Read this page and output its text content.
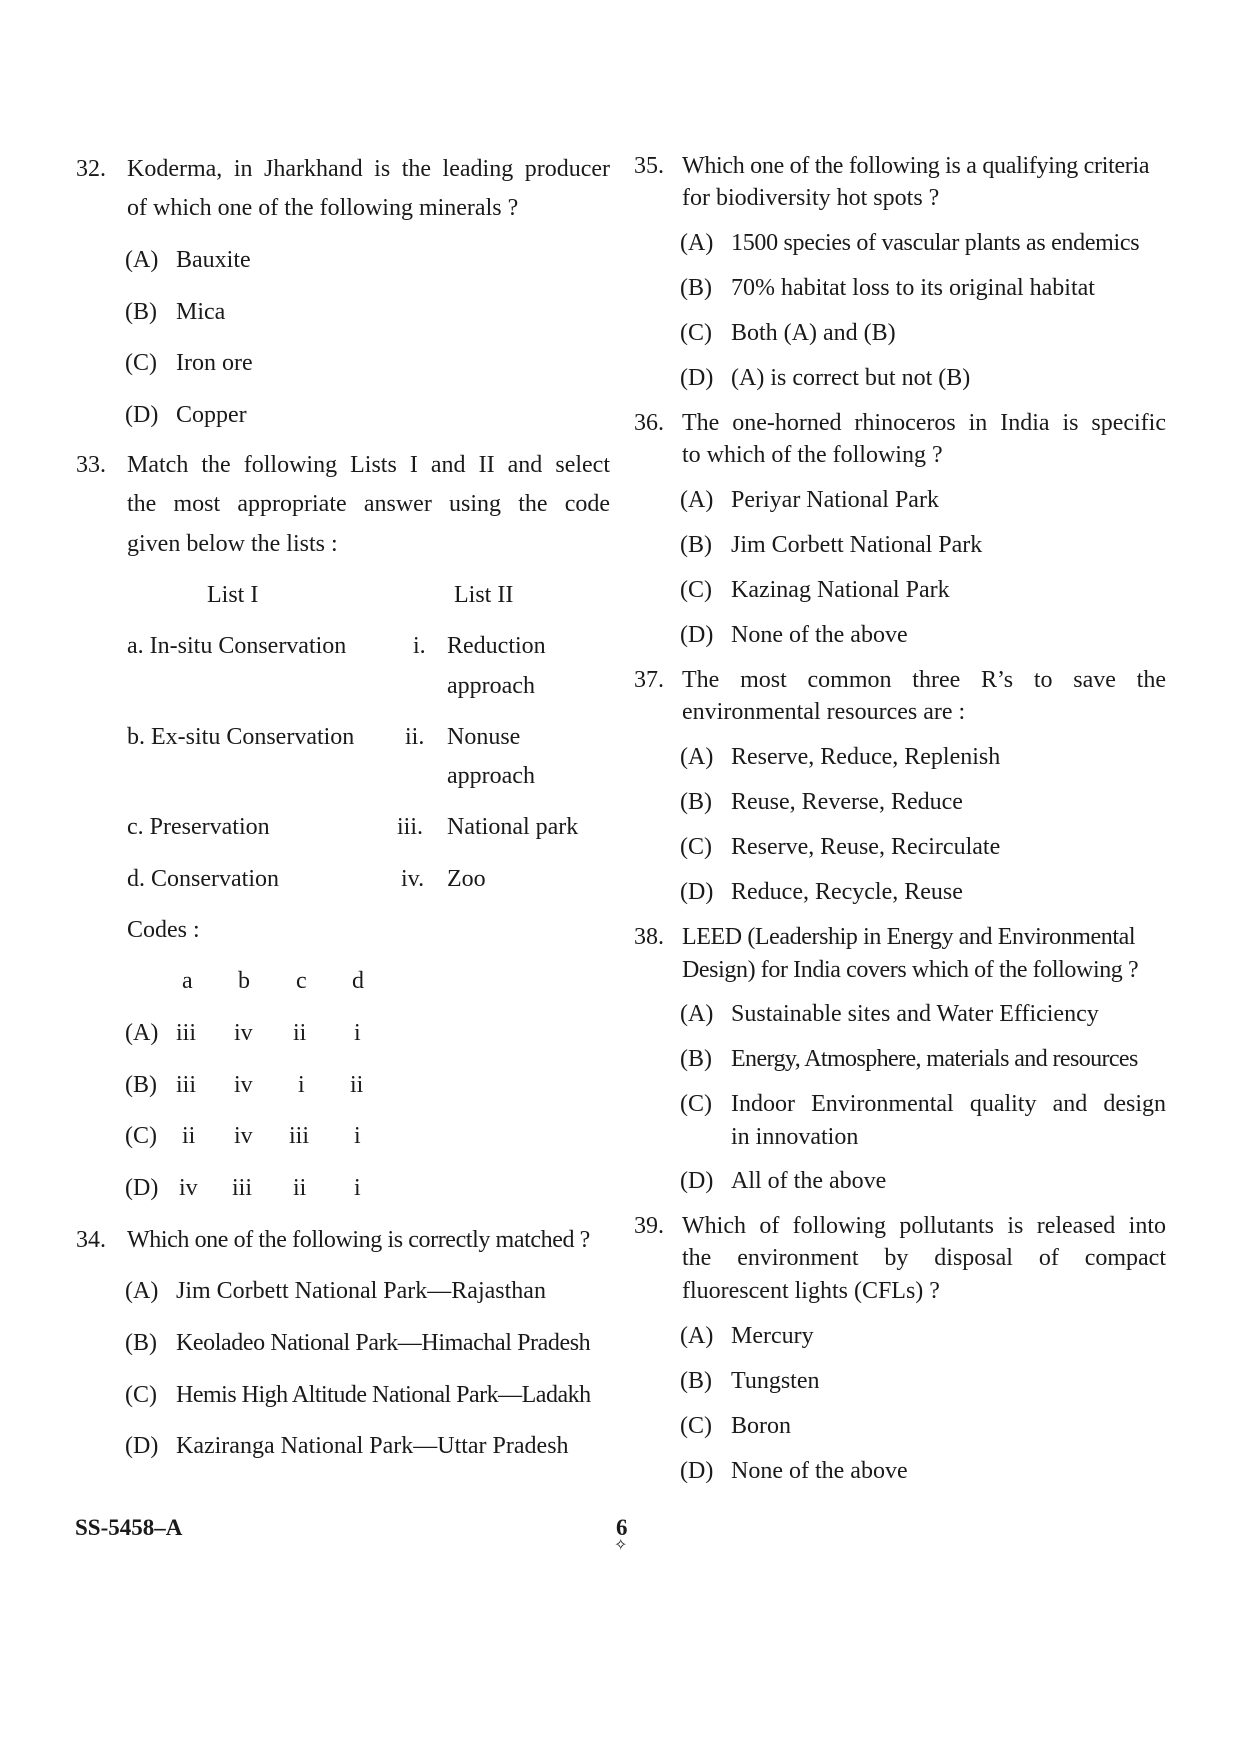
32. Koderma, in Jharkhand is the leading producer
of which one of the following minerals ?
(A) Bauxite
(B) Mica
(C) Iron ore
(D) Copper
33. Match the following Lists I and II and select
the most appropriate answer using the code
given below the lists :
List I	List II
a. In-situ Conservation	i. Reduction
approach
b. Ex-situ Conservation ii. Nonuse
approach
c. Preservation	iii. National park
d. Conservation	iv. Zoo
Codes :
a b c d
(A) iii iv ii i
(B) iii iv i ii
(C) ii iv iii i
(D) iv iii ii i
34. Which one of the following is correctly matched ?
(A) Jim Corbett National Park—Rajasthan
(B) Keoladeo National Park—Himachal Pradesh
(C) Hemis High Altitude National Park—Ladakh
(D) Kaziranga National Park—Uttar Pradesh
35. Which one of the following is a qualifying criteria
for biodiversity hot spots ?
(A) 1500 species of vascular plants as endemics
(B) 70% habitat loss to its original habitat
(C) Both (A) and (B)
(D) (A) is correct but not (B)
36. The one-horned rhinoceros in India is specific
to which of the following ?
(A) Periyar National Park
(B) Jim Corbett National Park
(C) Kazinag National Park
(D) None of the above
37. The most common three R’s to save the
environmental resources are :
(A) Reserve, Reduce, Replenish
(B) Reuse, Reverse, Reduce
(C) Reserve, Reuse, Recirculate
(D) Reduce, Recycle, Reuse
38. LEED (Leadership in Energy and Environmental
Design) for India covers which of the following ?
(A) Sustainable sites and Water Efficiency
(B) Energy, Atmosphere, materials and resources
(C) Indoor Environmental quality and design
in innovation
(D) All of the above
39. Which of following pollutants is released into
the environment by disposal of compact
fluorescent lights (CFLs) ?
(A) Mercury
(B) Tungsten
(C) Boron
(D) None of the above
SS-5458–A	6
✧
